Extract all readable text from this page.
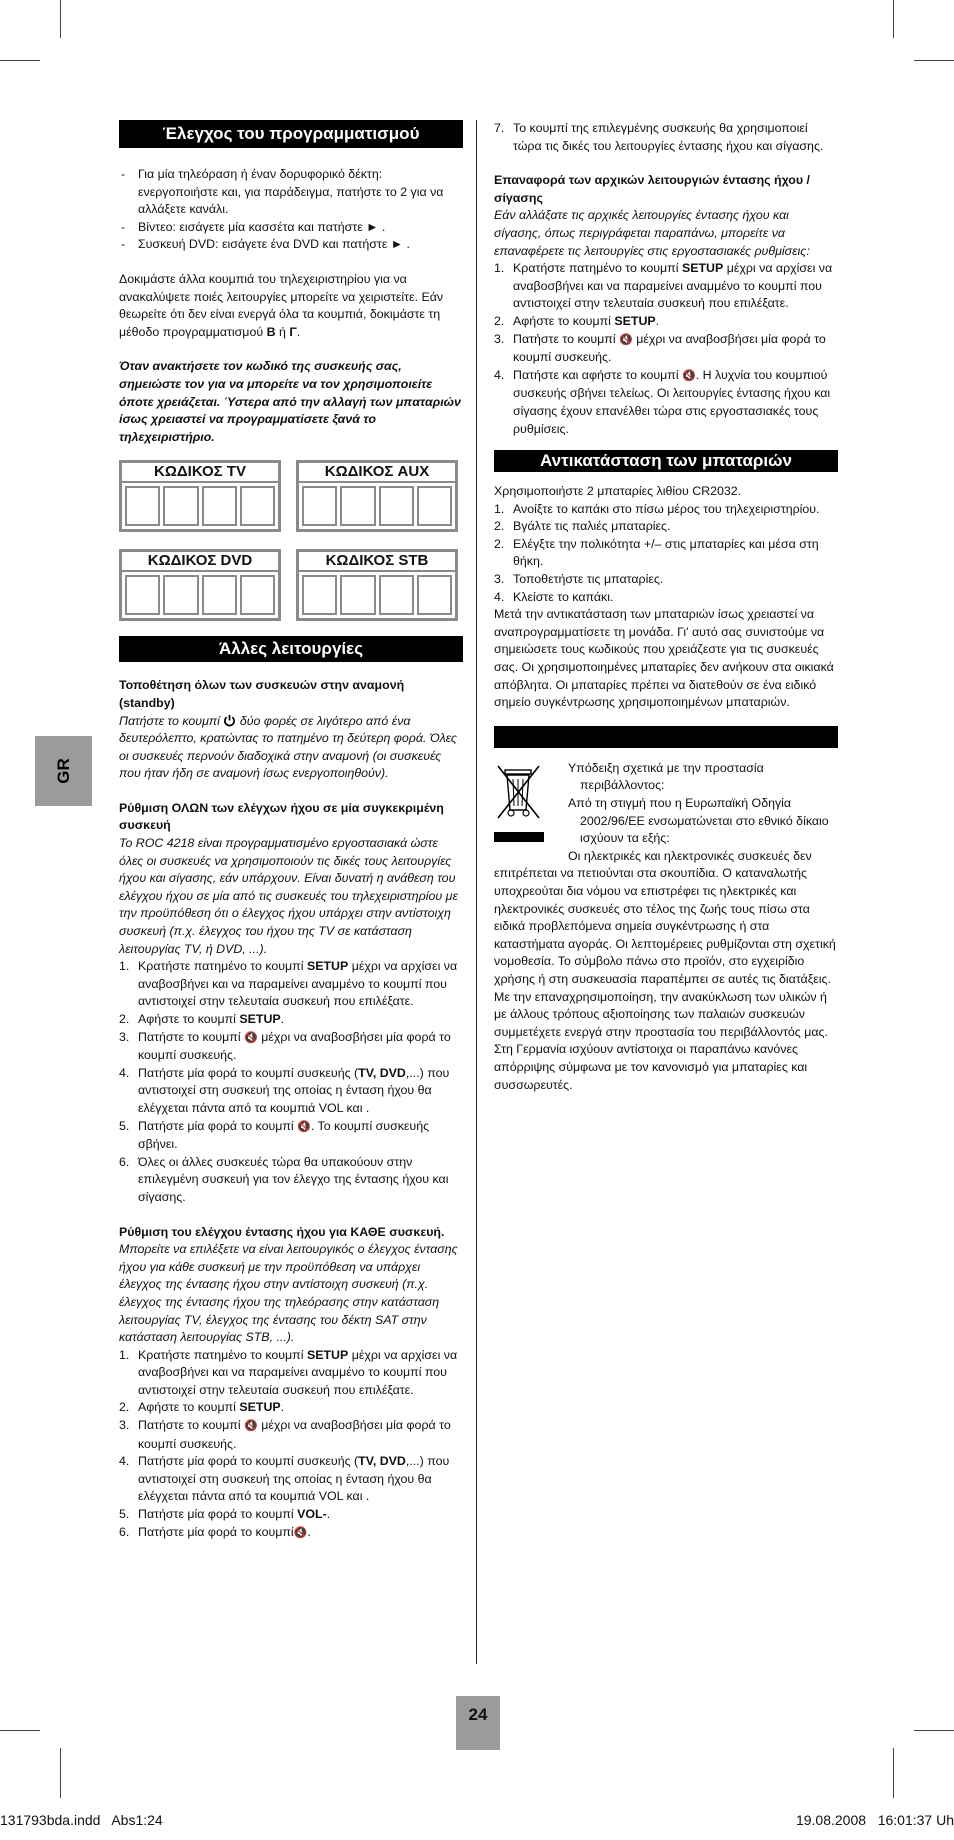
GR
Έλεγχος του προγραμματισμού
- Για μία τηλεόραση ή έναν δορυφορικό δέκτη: ενεργοποιήστε και, για παράδειγμα, πατήστε το 2 για να αλλάξετε κανάλι.
- Βίντεο: εισάγετε μία κασσέτα και πατήστε ► .
- Συσκευή DVD: εισάγετε ένα DVD και πατήστε ► .

Δοκιμάστε άλλα κουμπιά του τηλεχειριστηρίου για να ανακαλύψετε ποιές λειτουργίες μπορείτε να χειριστείτε. Εάν θεωρείτε ότι δεν είναι ενεργά όλα τα κουμπιά, δοκιμάστε τη μέθοδο προγραμματισμού B ή Γ.

Όταν ανακτήσετε τον κωδικό της συσκευής σας, σημειώστε τον για να μπορείτε να τον χρησιμοποιείτε όποτε χρειάζεται. Ύστερα από την αλλαγή των μπαταριών ίσως χρειαστεί να προγραμματίσετε ξανά το τηλεχειριστήριο.

ΚΩΔΙΚΟΣ TV	ΚΩΔΙΚΟΣ AUX
ΚΩΔΙΚΟΣ DVD	ΚΩΔΙΚΟΣ STB
Άλλες λειτουργίες

Τοποθέτηση όλων των συσκευών στην αναμονή (standby)

Πατήστε το κουμπί δύο φορές σε λιγότερο από ένα δευτερόλεπτο, κρατώντας το πατημένο τη δεύτερη φορά. Όλες οι συσκευές περνούν διαδοχικά στην αναμονή (οι συσκευές που ήταν ήδη σε αναμονή ίσως ενεργοποιηθούν).

Ρύθμιση ΟΛΩΝ των ελέγχων ήχου σε μία συγκεκριμένη συσκευή

Το ROC 4218 είναι προγραμματισμένο εργοστασιακά ώστε όλες οι συσκευές να χρησιμοποιούν τις δικές τους λειτουργίες ήχου και σίγασης, εάν υπάρχουν. Είναι δυνατή η ανάθεση του ελέγχου ήχου σε μία από τις συσκευές του τηλεχειριστηρίου με την προϋπόθεση ότι ο έλεγχος ήχου υπάρχει στην αντίστοιχη συσκευή (π.χ. έλεγχος του ήχου της TV σε κατάσταση λειτουργίας TV, ή DVD, ...).

1. Κρατήστε πατημένο το κουμπί SETUP μέχρι να αρχίσει να αναβοσβήνει και να παραμείνει αναμμένο το κουμπί που αντιστοιχεί στην τελευταία συσκευή που επιλέξατε.
2. Αφήστε το κουμπί SETUP.
3. Πατήστε το κουμπί 🔇 μέχρι να αναβοσβήσει μία φορά το κουμπί συσκευής.
4. Πατήστε μία φορά το κουμπί συσκευής (TV, DVD,...) που αντιστοιχεί στη συσκευή της οποίας η ένταση ήχου θα ελέγχεται πάντα από τα κουμπιά VOL και .
5. Πατήστε μία φορά το κουμπί 🔇. Το κουμπί συσκευής σβήνει.
6. Όλες οι άλλες συσκευές τώρα θα υπακούουν στην επιλεγμένη συσκευή για τον έλεγχο της έντασης ήχου και σίγασης.

Ρύθμιση του ελέγχου έντασης ήχου για ΚΑΘΕ συσκευή.

Μπορείτε να επιλέξετε να είναι λειτουργικός ο έλεγχος έντασης ήχου για κάθε συσκευή με την προϋπόθεση να υπάρχει έλεγχος της έντασης ήχου στην αντίστοιχη συσκευή (π.χ. έλεγχος της έντασης ήχου της τηλεόρασης στην κατάσταση λειτουργίας TV, έλεγχος της έντασης του δέκτη SAT στην κατάσταση λειτουργίας STB, ...).

1. Κρατήστε πατημένο το κουμπί SETUP μέχρι να αρχίσει να αναβοσβήνει και να παραμείνει αναμμένο το κουμπί που αντιστοιχεί στην τελευταία συσκευή που επιλέξατε.
2. Αφήστε το κουμπί SETUP.
3. Πατήστε το κουμπί 🔇 μέχρι να αναβοσβήσει μία φορά το κουμπί συσκευής.
4. Πατήστε μία φορά το κουμπί συσκευής (TV, DVD,...) που αντιστοιχεί στη συσκευή της οποίας η ένταση ήχου θα ελέγχεται πάντα από τα κουμπιά VOL και .
5. Πατήστε μία φορά το κουμπί VOL-.
6. Πατήστε μία φορά το κουμπί🔇.
7. Το κουμπί της επιλεγμένης συσκευής θα χρησιμοποιεί τώρα τις δικές του λειτουργίες έντασης ήχου και σίγασης.

Επαναφορά των αρχικών λειτουργιών έντασης ήχου / σίγασης

Εάν αλλάξατε τις αρχικές λειτουργίες έντασης ήχου και σίγασης, όπως περιγράφεται παραπάνω, μπορείτε να επαναφέρετε τις λειτουργίες στις εργοστασιακές ρυθμίσεις:

1. Κρατήστε πατημένο το κουμπί SETUP μέχρι να αρχίσει να αναβοσβήνει και να παραμείνει αναμμένο το κουμπί που αντιστοιχεί στην τελευταία συσκευή που επιλέξατε.
2. Αφήστε το κουμπί SETUP.
3. Πατήστε το κουμπί 🔇 μέχρι να αναβοσβήσει μία φορά το κουμπί συσκευής.
4. Πατήστε και αφήστε το κουμπί 🔇. Η λυχνία του κουμπιού συσκευής σβήνει τελείως. Οι λειτουργίες έντασης ήχου και σίγασης έχουν επανέλθει τώρα στις εργοστασιακές τους ρυθμίσεις.
Αντικατάσταση των μπαταριών

Χρησιμοποιήστε 2 μπαταρίες λιθίου CR2032.

1. Ανοίξτε το καπάκι στο πίσω μέρος του τηλεχειριστηρίου.
2. Βγάλτε τις παλιές μπαταρίες.
2. Ελέγξτε την πολικότητα +/– στις μπαταρίες και μέσα στη θήκη.
3. Τοποθετήστε τις μπαταρίες.
4. Κλείστε το καπάκι.

Μετά την αντικατάσταση των μπαταριών ίσως χρειαστεί να αναπρογραμματίσετε τη μονάδα. Γι' αυτό σας συνιστούμε να σημειώσετε τους κωδικούς που χρειάζεστε για τις συσκευές σας. Οι χρησιμοποιημένες μπαταρίες δεν ανήκουν στα οικιακά απόβλητα. Οι μπαταρίες πρέπει να διατεθούν σε ένα ειδικό σημείο συγκέντρωσης χρησιμοποιημένων μπαταριών.

Υπόδειξη σχετικά με την προστασία περιβάλλοντος:

Από τη στιγμή που η Ευρωπαϊκή Οδηγία 2002/96/ΕΕ ενσωματώνεται στο εθνικό δίκαιο ισχύουν τα εξής:

Οι ηλεκτρικές και ηλεκτρονικές συσκευές δεν επιτρέπεται να πετιούνται στα σκουπίδια. Ο καταναλωτής υποχρεούται δια νόμου να επιστρέφει τις ηλεκτρικές και ηλεκτρονικές συσκευές στο τέλος της ζωής τους πίσω στα ειδικά προβλεπόμενα σημεία συγκέντρωσης ή στα καταστήματα αγοράς. Οι λεπτομέρειες ρυθμίζονται στη σχετική νομοθεσία. Το σύμβολο πάνω στο προϊόν, στο εγχειρίδιο χρήσης ή στη συσκευασία παραπέμπει σε αυτές τις διατάξεις. Με την επαναχρησιμοποίηση, την ανακύκλωση των υλικών ή με άλλους τρόπους αξιοποίησης των παλαιών συσκευών συμμετέχετε ενεργά στην προστασία του περιβάλλοντός μας. Στη Γερμανία ισχύουν αντίστοιχα οι παραπάνω κανόνες απόρριψης σύμφωνα με τον κανονισμό για μπαταρίες και συσσωρευτές.

24
131793bda.indd   Abs1:24	19.08.2008   16:01:37 Uh
